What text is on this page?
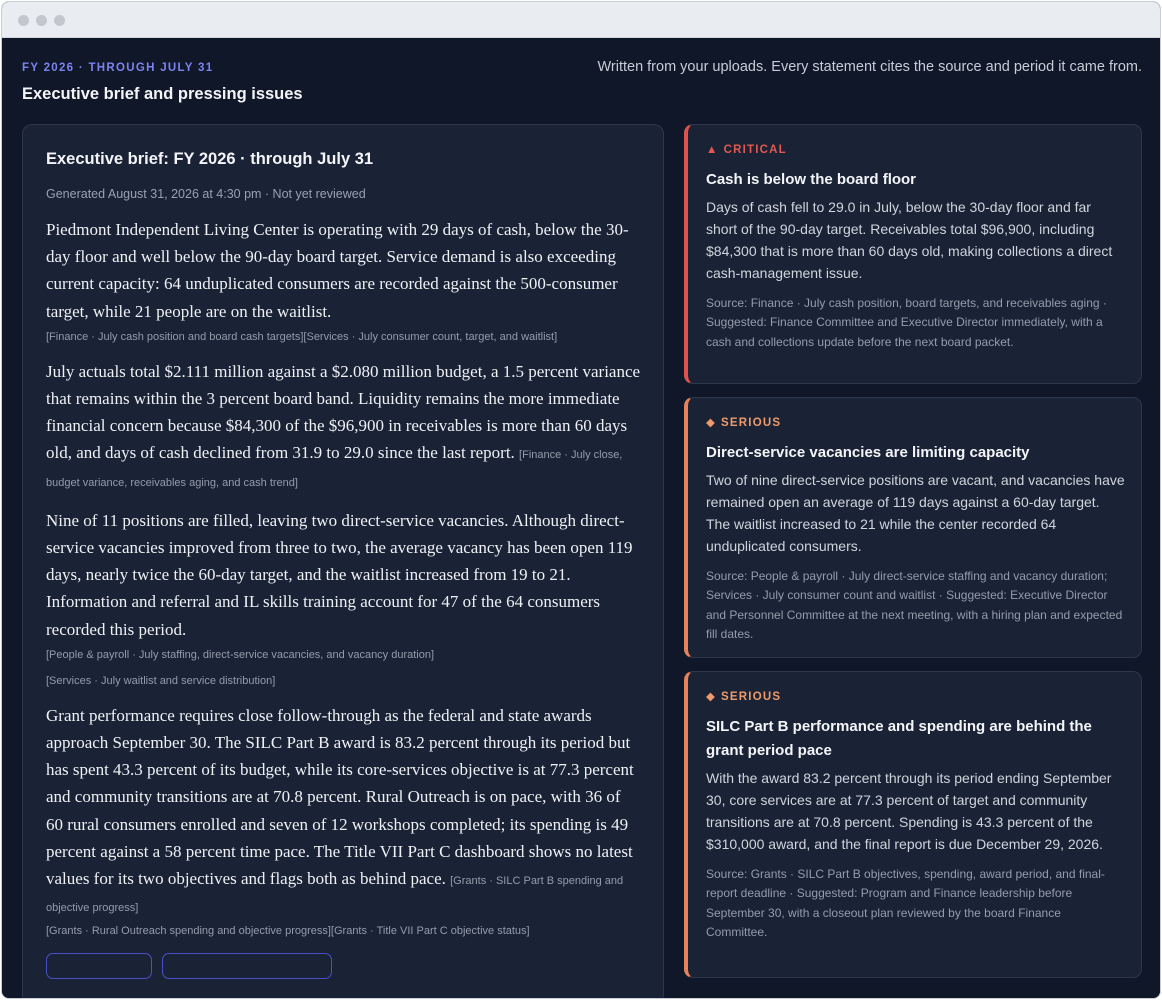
FY 2026 · THROUGH JULY 31
Executive brief and pressing issues
Written from your uploads. Every statement cites the source and period it came from.
Executive brief: FY 2026 · through July 31
Generated August 31, 2026 at 4:30 pm · Not yet reviewed
Piedmont Independent Living Center is operating with 29 days of cash, below the 30-day floor and well below the 90-day board target. Service demand is also exceeding current capacity: 64 unduplicated consumers are recorded against the 500-consumer target, while 21 people are on the waitlist.
[Finance · July cash position and board cash targets][Services · July consumer count, target, and waitlist]
July actuals total $2.111 million against a $2.080 million budget, a 1.5 percent variance that remains within the 3 percent board band. Liquidity remains the more immediate financial concern because $84,300 of the $96,900 in receivables is more than 60 days old, and days of cash declined from 31.9 to 29.0 since the last report. [Finance · July close, budget variance, receivables aging, and cash trend]
Nine of 11 positions are filled, leaving two direct-service vacancies. Although direct-service vacancies improved from three to two, the average vacancy has been open 119 days, nearly twice the 60-day target, and the waitlist increased from 19 to 21. Information and referral and IL skills training account for 47 of the 64 consumers recorded this period.
[People & payroll · July staffing, direct-service vacancies, and vacancy duration]
[Services · July waitlist and service distribution]
Grant performance requires close follow-through as the federal and state awards approach September 30. The SILC Part B award is 83.2 percent through its period but has spent 43.3 percent of its budget, while its core-services objective is at 77.3 percent and community transitions are at 70.8 percent. Rural Outreach is on pace, with 36 of 60 rural consumers enrolled and seven of 12 workshops completed; its spending is 49 percent against a 58 percent time pace. The Title VII Part C dashboard shows no latest values for its two objectives and flags both as behind pace. [Grants · SILC Part B spending and objective progress]
[Grants · Rural Outreach spending and objective progress][Grants · Title VII Part C objective status]
▲ CRITICAL
Cash is below the board floor
Days of cash fell to 29.0 in July, below the 30-day floor and far short of the 90-day target. Receivables total $96,900, including $84,300 that is more than 60 days old, making collections a direct cash-management issue.
Source: Finance · July cash position, board targets, and receivables aging · Suggested: Finance Committee and Executive Director immediately, with a cash and collections update before the next board packet.
◆ SERIOUS
Direct-service vacancies are limiting capacity
Two of nine direct-service positions are vacant, and vacancies have remained open an average of 119 days against a 60-day target. The waitlist increased to 21 while the center recorded 64 unduplicated consumers.
Source: People & payroll · July direct-service staffing and vacancy duration; Services · July consumer count and waitlist · Suggested: Executive Director and Personnel Committee at the next meeting, with a hiring plan and expected fill dates.
◆ SERIOUS
SILC Part B performance and spending are behind the grant period pace
With the award 83.2 percent through its period ending September 30, core services are at 77.3 percent of target and community transitions are at 70.8 percent. Spending is 43.3 percent of the $310,000 award, and the final report is due December 29, 2026.
Source: Grants · SILC Part B objectives, spending, award period, and final-report deadline · Suggested: Program and Finance leadership before September 30, with a closeout plan reviewed by the board Finance Committee.
